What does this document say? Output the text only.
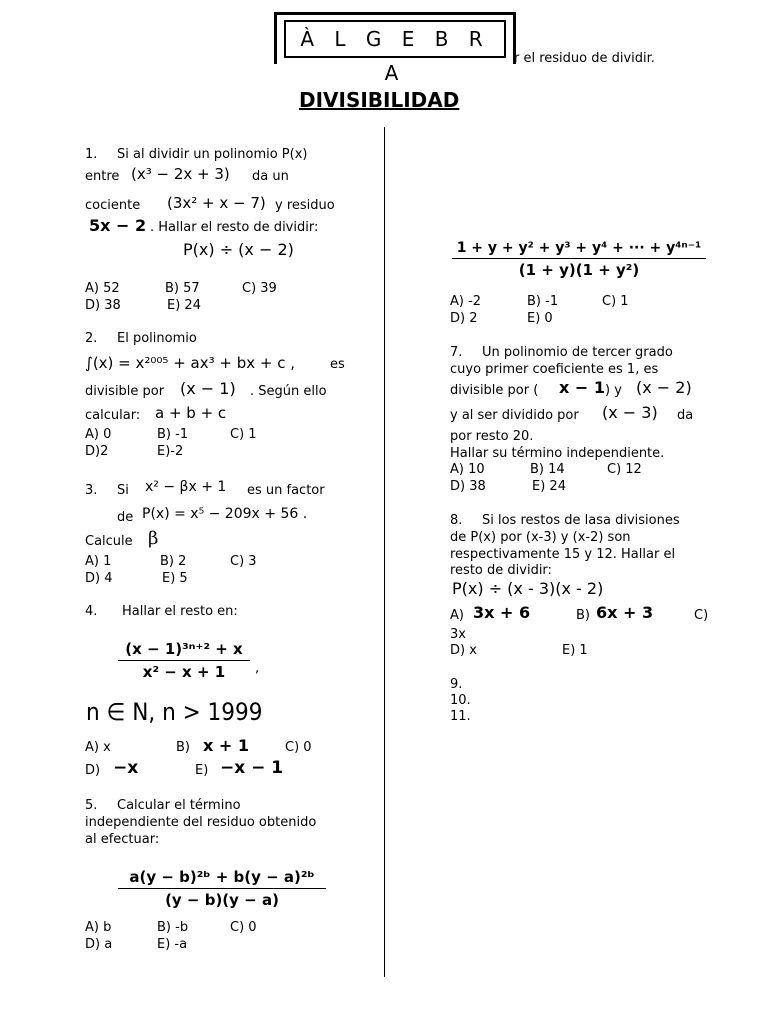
À L G E B R A
r el residuo de dividir.
DIVISIBILIDAD
1. Si al dividir un polinomio P(x)
entre (x³ − 2x + 3) da un
cociente (3x² + x − 7) y residuo
5x − 2 . Hallar el resto de dividir:
P(x) ÷ (x − 2)
A) 52	B) 57	C) 39
D) 38	E) 24
2. El polinomio
∫(x) = x²⁰⁰⁵ + ax³ + bx + c ,	es
divisible por (x − 1) . Según ello
calcular: a + b + c
A) 0	B) -1	C) 1
D)2	E)-2
3. Si x² − βx + 1 es un factor
de P(x) = x⁵ − 209x + 56 .
Calcule β
A) 1	B) 2	C) 3
D) 4	E) 5
4. Hallar el resto en:
$\frac{\text{(x − 1)³ⁿ⁺² + x}}{\text{x² − x + 1}}$ ,
n ∈ N, n > 1999
A) x	B) x + 1	C) 0
D) −x	E) −x − 1
5. Calcular el término
independiente del residuo obtenido
al efectuar:
$\frac{\text{a(y − b)²ᵇ + b(y − a)²ᵇ}}{(y - b)(y - a)}$
A) b	B) -b	C) 0
D) a	E) -a
$\frac{\text{1 + y + y² + y³ + y⁴ + ··· + y⁴ⁿ⁻¹}}{\text{(1 + y)(1 + y²)}}$
A) -2	B) -1	C) 1
D) 2	E) 0
7. Un polinomio de tercer grado
cuyo primer coeficiente es 1, es
divisible por ( x − 1 ) y (x − 2)
y al ser dividido por (x − 3) da
por resto 20.
Hallar su término independiente.
A) 10	B) 14	C) 12
D) 38	E) 24
8. Si los restos de lasa divisiones
de P(x) por (x-3) y (x-2) son
respectivamente 15 y 12. Hallar el
resto de dividir:
P(x) ÷ (x - 3)(x - 2)
A) 3x + 6	B) 6x + 3	C)
3x
D) x	E) 1
9.
10.
11.
